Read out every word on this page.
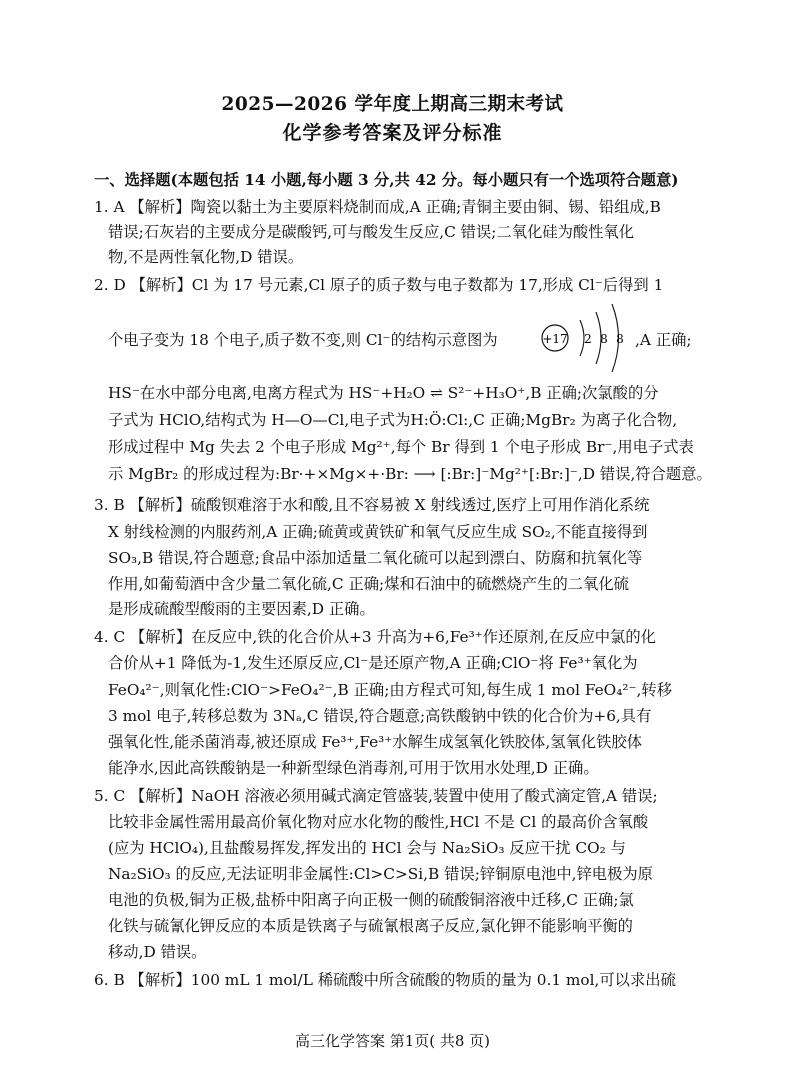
2025—2026 学年度上期高三期末考试
化学参考答案及评分标准
一、选择题(本题包括 14 小题,每小题 3 分,共 42 分。每小题只有一个选项符合题意)
1. A 【解析】陶瓷以黏土为主要原料烧制而成,A 正确;青铜主要由铜、锡、铅组成,B
错误;石灰岩的主要成分是碳酸钙,可与酸发生反应,C 错误;二氧化硅为酸性氧化
物,不是两性氧化物,D 错误。
2. D 【解析】Cl 为 17 号元素,Cl 原子的质子数与电子数都为 17,形成 Cl⁻后得到 1
个电子变为 18 个电子,质子数不变,则 Cl⁻的结构示意图为	+17 2 8 8 ,A 正确;
HS⁻在水中部分电离,电离方程式为 HS⁻+H₂O ⇌ S²⁻+H₃O⁺,B 正确;次氯酸的分
子式为 HClO,结构式为 H—O—Cl,电子式为H:Ö:Cl:,C 正确;MgBr₂ 为离子化合物,
形成过程中 Mg 失去 2 个电子形成 Mg²⁺,每个 Br 得到 1 个电子形成 Br⁻,用电子式表
示 MgBr₂ 的形成过程为:Br·+×Mg×+·Br: ⟶ [:Br:]⁻Mg²⁺[:Br:]⁻,D 错误,符合题意。
3. B 【解析】硫酸钡难溶于水和酸,且不容易被 X 射线透过,医疗上可用作消化系统
X 射线检测的内服药剂,A 正确;硫黄或黄铁矿和氧气反应生成 SO₂,不能直接得到
SO₃,B 错误,符合题意;食品中添加适量二氧化硫可以起到漂白、防腐和抗氧化等
作用,如葡萄酒中含少量二氧化硫,C 正确;煤和石油中的硫燃烧产生的二氧化硫
是形成硫酸型酸雨的主要因素,D 正确。
4. C 【解析】在反应中,铁的化合价从+3 升高为+6,Fe³⁺作还原剂,在反应中氯的化
合价从+1 降低为-1,发生还原反应,Cl⁻是还原产物,A 正确;ClO⁻将 Fe³⁺氧化为
FeO₄²⁻,则氧化性:ClO⁻>FeO₄²⁻,B 正确;由方程式可知,每生成 1 mol FeO₄²⁻,转移
3 mol 电子,转移总数为 3Nₐ,C 错误,符合题意;高铁酸钠中铁的化合价为+6,具有
强氧化性,能杀菌消毒,被还原成 Fe³⁺,Fe³⁺水解生成氢氧化铁胶体,氢氧化铁胶体
能净水,因此高铁酸钠是一种新型绿色消毒剂,可用于饮用水处理,D 正确。
5. C 【解析】NaOH 溶液必须用碱式滴定管盛装,装置中使用了酸式滴定管,A 错误;
比较非金属性需用最高价氧化物对应水化物的酸性,HCl 不是 Cl 的最高价含氧酸
(应为 HClO₄),且盐酸易挥发,挥发出的 HCl 会与 Na₂SiO₃ 反应干扰 CO₂ 与
Na₂SiO₃ 的反应,无法证明非金属性:Cl>C>Si,B 错误;锌铜原电池中,锌电极为原
电池的负极,铜为正极,盐桥中阳离子向正极一侧的硫酸铜溶液中迁移,C 正确;氯
化铁与硫氰化钾反应的本质是铁离子与硫氰根离子反应,氯化钾不能影响平衡的
移动,D 错误。
6. B 【解析】100 mL 1 mol/L 稀硫酸中所含硫酸的物质的量为 0.1 mol,可以求出硫
高三化学答案 第1页( 共8 页)
